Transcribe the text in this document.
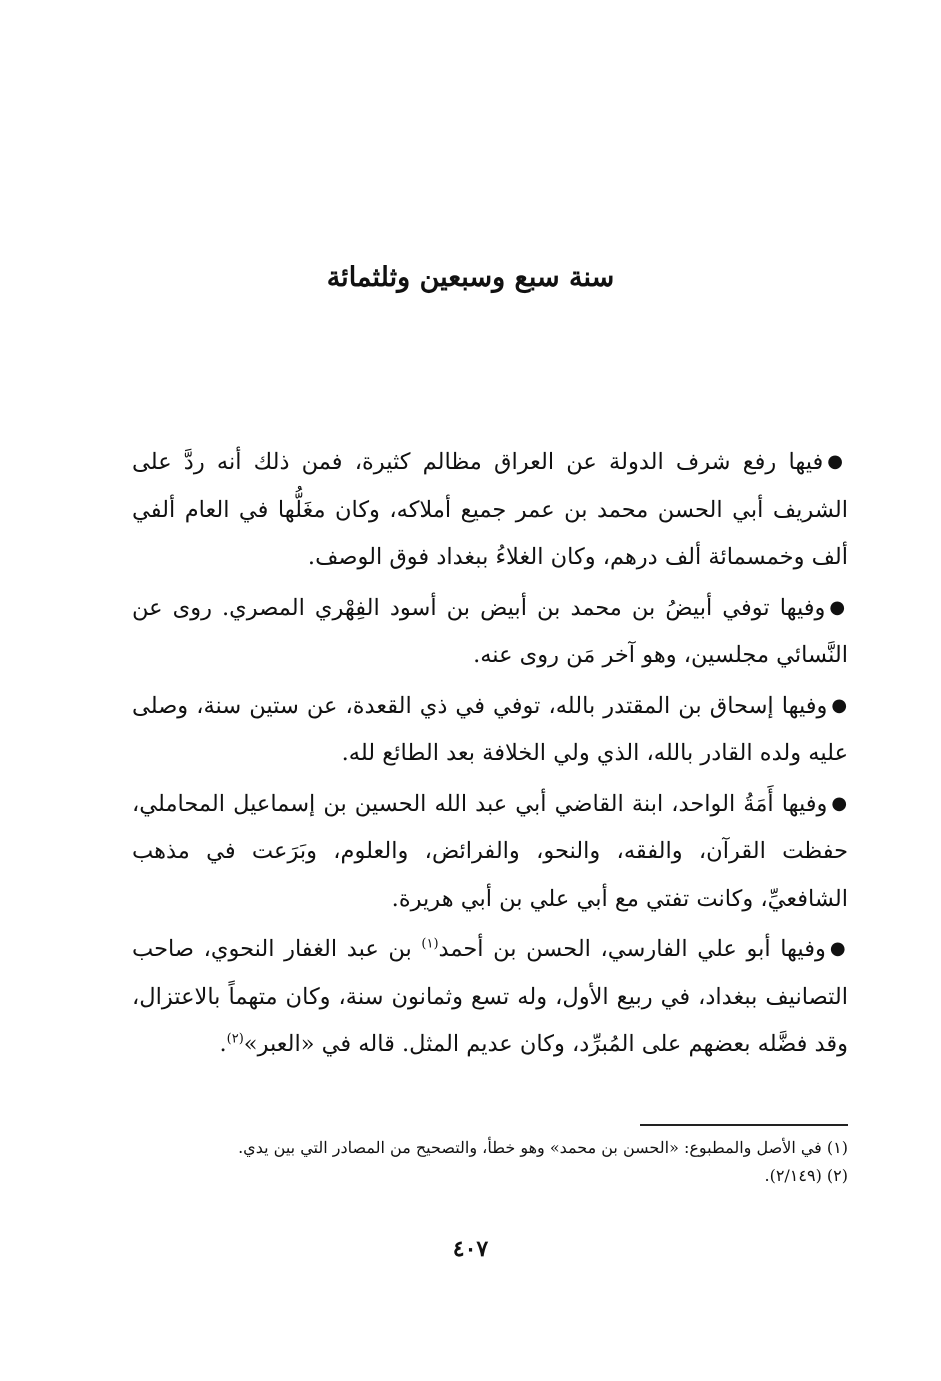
سنة سبع وسبعين وثلثمائة

●فيها رفع شرف الدولة عن العراق مظالم كثيرة، فمن ذلك أنه ردَّ على الشريف أبي الحسن محمد بن عمر جميع أملاكه، وكان مغَلُّها في العام ألفي ألف وخمسمائة ألف درهم، وكان الغلاءُ ببغداد فوق الوصف.

●وفيها توفي أبيضُ بن محمد بن أبيض بن أسود الفِهْري المصري. روى عن النَّسائي مجلسين، وهو آخر مَن روى عنه.

●وفيها إسحاق بن المقتدر بالله، توفي في ذي القعدة، عن ستين سنة، وصلى عليه ولده القادر بالله، الذي ولي الخلافة بعد الطائع لله.

●وفيها أَمَةُ الواحد، ابنة القاضي أبي عبد الله الحسين بن إسماعيل المحاملي، حفظت القرآن، والفقه، والنحو، والفرائض، والعلوم، وبَرَعت في مذهب الشافعيِّ، وكانت تفتي مع أبي علي بن أبي هريرة.

●وفيها أبو علي الفارسي، الحسن بن أحمد$^{(١)}$ بن عبد الغفار النحوي، صاحب التصانيف ببغداد، في ربيع الأول، وله تسع وثمانون سنة، وكان متهماً بالاعتزال، وقد فضَّله بعضهم على المُبرِّد، وكان عديم المثل. قاله في «العبر»$^{(٢)}$.

(١) في الأصل والمطبوع: «الحسن بن محمد» وهو خطأ، والتصحيح من المصادر التي بين يدي.

(٢) (٢/١٤٩).

٤٠٧
